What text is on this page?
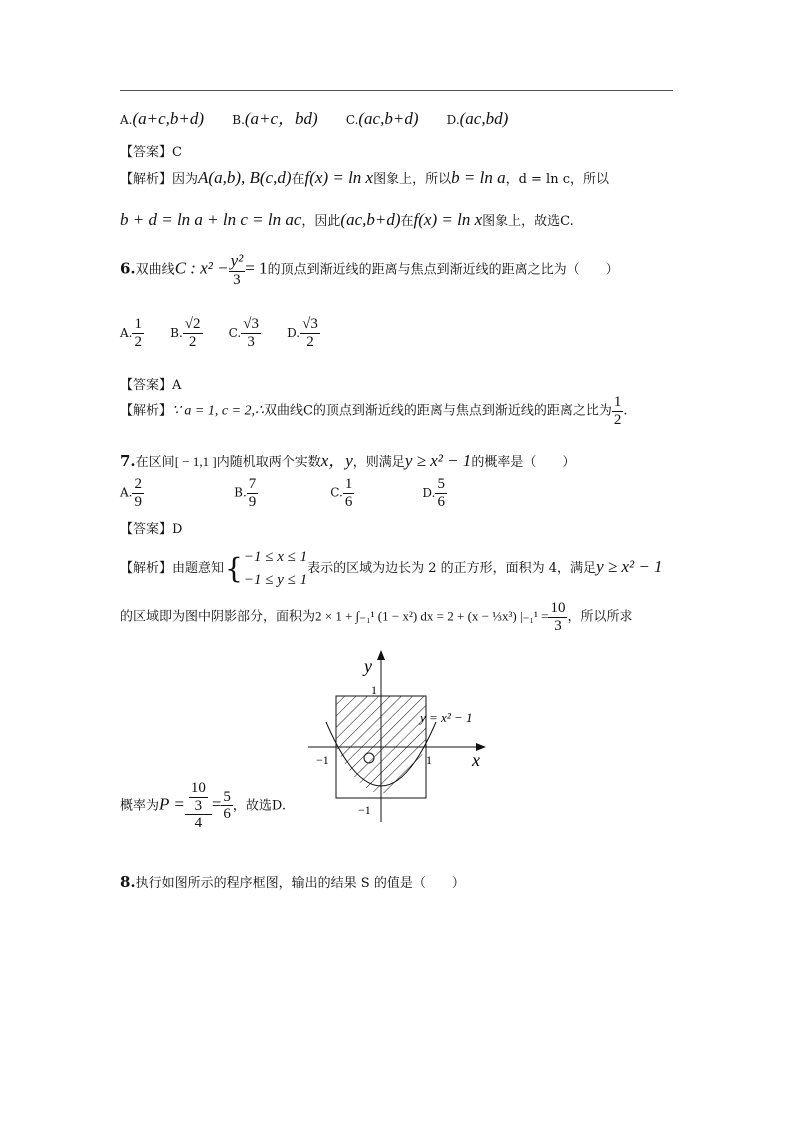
A.(a+c,b+d) B.(a+c，bd) C.(ac,b+d) D.(ac,bd)
【答案】C
【解析】因为A(a,b), B(c,d)在f(x) = ln x图象上，所以b = ln a，d = ln c，所以
b + d = ln a + ln c = ln ac，因此(ac,b+d)在f(x) = ln x图象上，故选C.
6.双曲线C : $x^2 - \frac{\text{y²}}{3} = 1$的顶点到渐近线的距离与焦点到渐近线的距离之比为（　　）
A. $\frac{1}{2} B$. $\frac{√2}{2} C$. $\frac{√3}{3} D$. $\frac{√3}{2}$
【答案】A
【解析】∵ a = 1, c = 2,∴双曲线C的顶点到渐近线的距离与焦点到渐近线的距离之比为 $\frac{1}{2}$ .
7.在区间[ − 1,1 ]内随机取两个实数x，y，则满足y ≥ x² − 1的概率是（　　）
A. $\frac{2}{9}$	B. $\frac{7}{9}$	C. $\frac{1}{6}$	D. $\frac{5}{6}$
【答案】D
【解析】由题意知{ −1 ≤ x ≤ 1
−1 ≤ y ≤ 1
表示的区域为边长为 2 的正方形，面积为 4，满足y ≥ x² − 1
的区域即为图中阴影部分，面积为2 × 1 + ∫₋₁¹ (1 − x²) dx = 2 + (x − ⅓x³) $|_{-1}^1 = \frac{10}{3}$ ，所以所求
y
x
1
−1	1
−1
y = x² − 1
概率为$P = \frac{\frac{10}{3}}{4} = \frac{5}{6}$ ，故选D.
8.执行如图所示的程序框图，输出的结果 S 的值是（　　）
